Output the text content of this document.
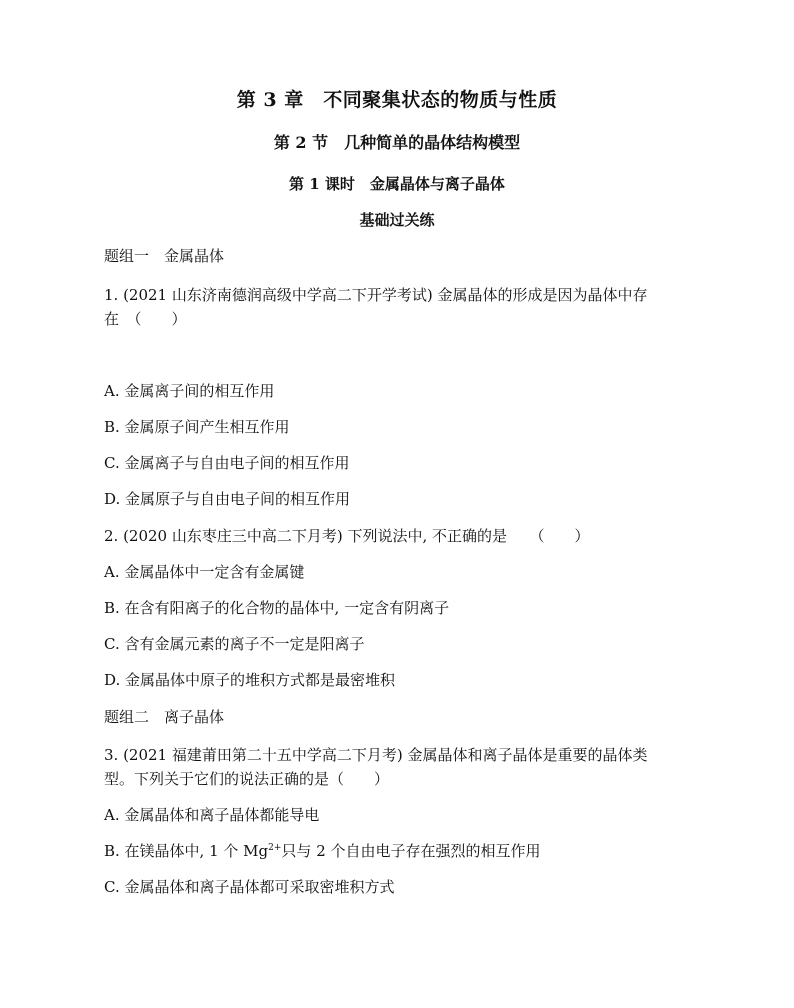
第 3 章　不同聚集状态的物质与性质
第 2 节　几种简单的晶体结构模型
第 1 课时　金属晶体与离子晶体
基础过关练
题组一　金属晶体
1. (2021 山东济南德润高级中学高二下开学考试) 金属晶体的形成是因为晶体中存
在　（　　）
A. 金属离子间的相互作用
B. 金属原子间产生相互作用
C. 金属离子与自由电子间的相互作用
D. 金属原子与自由电子间的相互作用
2. (2020 山东枣庄三中高二下月考) 下列说法中, 不正确的是　　（　　）
A. 金属晶体中一定含有金属键
B. 在含有阳离子的化合物的晶体中, 一定含有阴离子
C. 含有金属元素的离子不一定是阳离子
D. 金属晶体中原子的堆积方式都是最密堆积
题组二　离子晶体
3. (2021 福建莆田第二十五中学高二下月考) 金属晶体和离子晶体是重要的晶体类
型。下列关于它们的说法正确的是（　　）
A. 金属晶体和离子晶体都能导电
B. 在镁晶体中, 1 个 $Mg^{2+}$只与 2 个自由电子存在强烈的相互作用
C. 金属晶体和离子晶体都可采取密堆积方式
